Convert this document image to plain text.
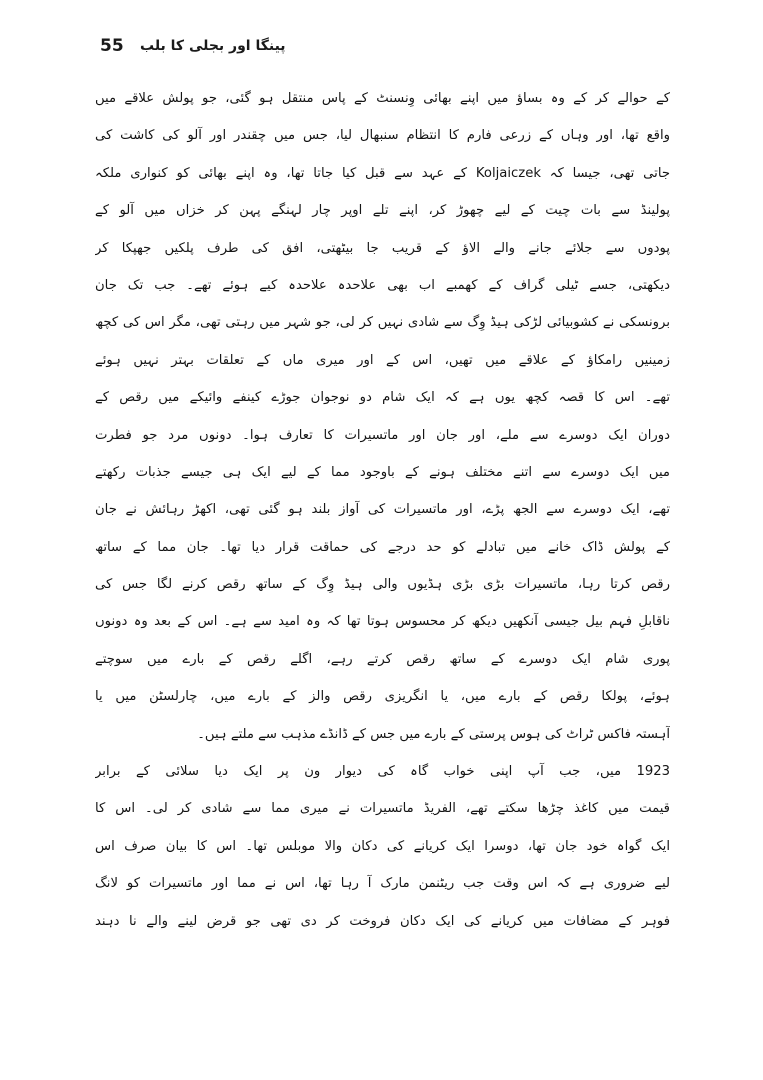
55 پینگا اور بجلی کا بلب
کے حوالے کر کے وہ بساؤ میں اپنے بھائی وِنسنٹ کے پاس منتقل ہو گئی، جو پولش علاقے میں
واقع تھا، اور وہاں کے زرعی فارم کا انتظام سنبھال لیا، جس میں چقندر اور آلو کی کاشت کی
جاتی تھی، جیسا کہ Koljaiczek کے عہد سے قبل کیا جاتا تھا، وہ اپنے بھائی کو کنواری ملکہ
پولینڈ سے بات چیت کے لیے چھوڑ کر، اپنے تلے اوپر چار لہنگے پہن کر خزاں میں آلو کے
پودوں سے جلائے جانے والے الاؤ کے قریب جا بیٹھتی، افق کی طرف پلکیں جھپکا کر
دیکھتی، جسے ٹیلی گراف کے کھمبے اب بھی علاحدہ علاحدہ کیے ہوئے تھے۔ جب تک جان
برونسکی نے کشوبیائی لڑکی ہیڈ وِگ سے شادی نہیں کر لی، جو شہر میں رہتی تھی، مگر اس کی کچھ
زمینیں رامکاؤ کے علاقے میں تھیں، اس کے اور میری ماں کے تعلقات بہتر نہیں ہوئے
تھے۔ اس کا قصہ کچھ یوں ہے کہ ایک شام دو نوجوان جوڑے کینفے وائیکے میں رقص کے
دوران ایک دوسرے سے ملے، اور جان اور ماتسیرات کا تعارف ہوا۔ دونوں مرد جو فطرت
میں ایک دوسرے سے اتنے مختلف ہونے کے باوجود مما کے لیے ایک ہی جیسے جذبات رکھتے
تھے، ایک دوسرے سے الجھ پڑے، اور ماتسیرات کی آواز بلند ہو گئی تھی، اکھڑ رہائش نے جان
کے پولش ڈاک خانے میں تبادلے کو حد درجے کی حماقت قرار دیا تھا۔ جان مما کے ساتھ
رقص کرتا رہا، ماتسیرات بڑی بڑی ہڈیوں والی ہیڈ وِگ کے ساتھ رقص کرنے لگا جس کی
ناقابلِ فہم بیل جیسی آنکھیں دیکھ کر محسوس ہوتا تھا کہ وہ امید سے ہے۔ اس کے بعد وہ دونوں
پوری شام ایک دوسرے کے ساتھ رقص کرتے رہے، اگلے رقص کے بارے میں سوچتے
ہوئے، پولکا رقص کے بارے میں، یا انگریزی رقص والز کے بارے میں، چارلسٹن میں یا
آہستہ فاکس ٹراٹ کی ہوس پرستی کے بارے میں جس کے ڈانڈے مذہب سے ملتے ہیں۔
1923 میں، جب آپ اپنی خواب گاہ کی دیوار ون پر ایک دیا سلائی کے برابر
قیمت میں کاغذ چڑھا سکتے تھے، الفریڈ ماتسیرات نے میری مما سے شادی کر لی۔ اس کا
ایک گواہ خود جان تھا، دوسرا ایک کریانے کی دکان والا موبلس تھا۔ اس کا بیان صرف اس
لیے ضروری ہے کہ اس وقت جب ریٹنمن مارک آ رہا تھا، اس نے مما اور ماتسیرات کو لانگ
فوہر کے مضافات میں کریانے کی ایک دکان فروخت کر دی تھی جو قرض لینے والے نا دہند
